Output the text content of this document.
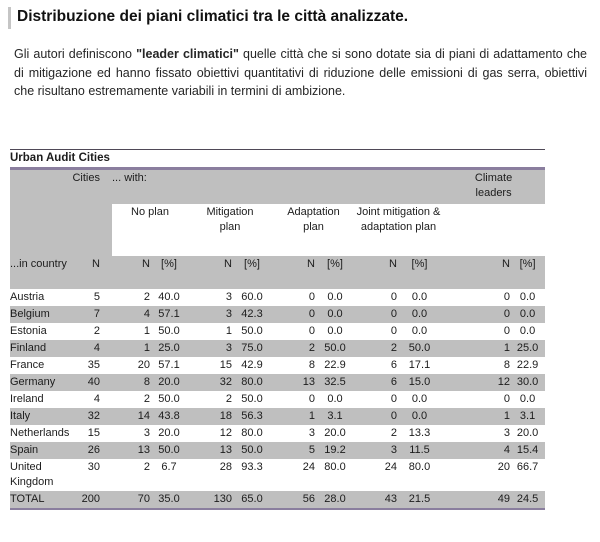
Distribuzione dei piani climatici tra le città analizzate.

Gli autori definiscono "leader climatici" quelle città che si sono dotate sia di piani di adattamento che di mitigazione ed hanno fissato obiettivi quantitativi di riduzione delle emissioni di gas serra, obiettivi che risultano estremamente variabili in termini di ambizione.

Urban Audit Cities											
	Cities	... with:								Climate leaders	
		No plan		Mitigation plan		Adaptation plan		Joint mitigation & adaptation plan			
...in country	N	N	[%]	N	[%]	N	[%]	N	[%]	N	[%]
Austria	5	2	40.0	3	60.0	0	0.0	0	0.0	0	0.0
Belgium	7	4	57.1	3	42.3	0	0.0	0	0.0	0	0.0
Estonia	2	1	50.0	1	50.0	0	0.0	0	0.0	0	0.0
Finland	4	1	25.0	3	75.0	2	50.0	2	50.0	1	25.0
France	35	20	57.1	15	42.9	8	22.9	6	17.1	8	22.9
Germany	40	8	20.0	32	80.0	13	32.5	6	15.0	12	30.0
Ireland	4	2	50.0	2	50.0	0	0.0	0	0.0	0	0.0
Italy	32	14	43.8	18	56.3	1	3.1	0	0.0	1	3.1
Netherlands	15	3	20.0	12	80.0	3	20.0	2	13.3	3	20.0
Spain	26	13	50.0	13	50.0	5	19.2	3	11.5	4	15.4
United Kingdom	30	2	6.7	28	93.3	24	80.0	24	80.0	20	66.7
TOTAL	200	70	35.0	130	65.0	56	28.0	43	21.5	49	24.5
